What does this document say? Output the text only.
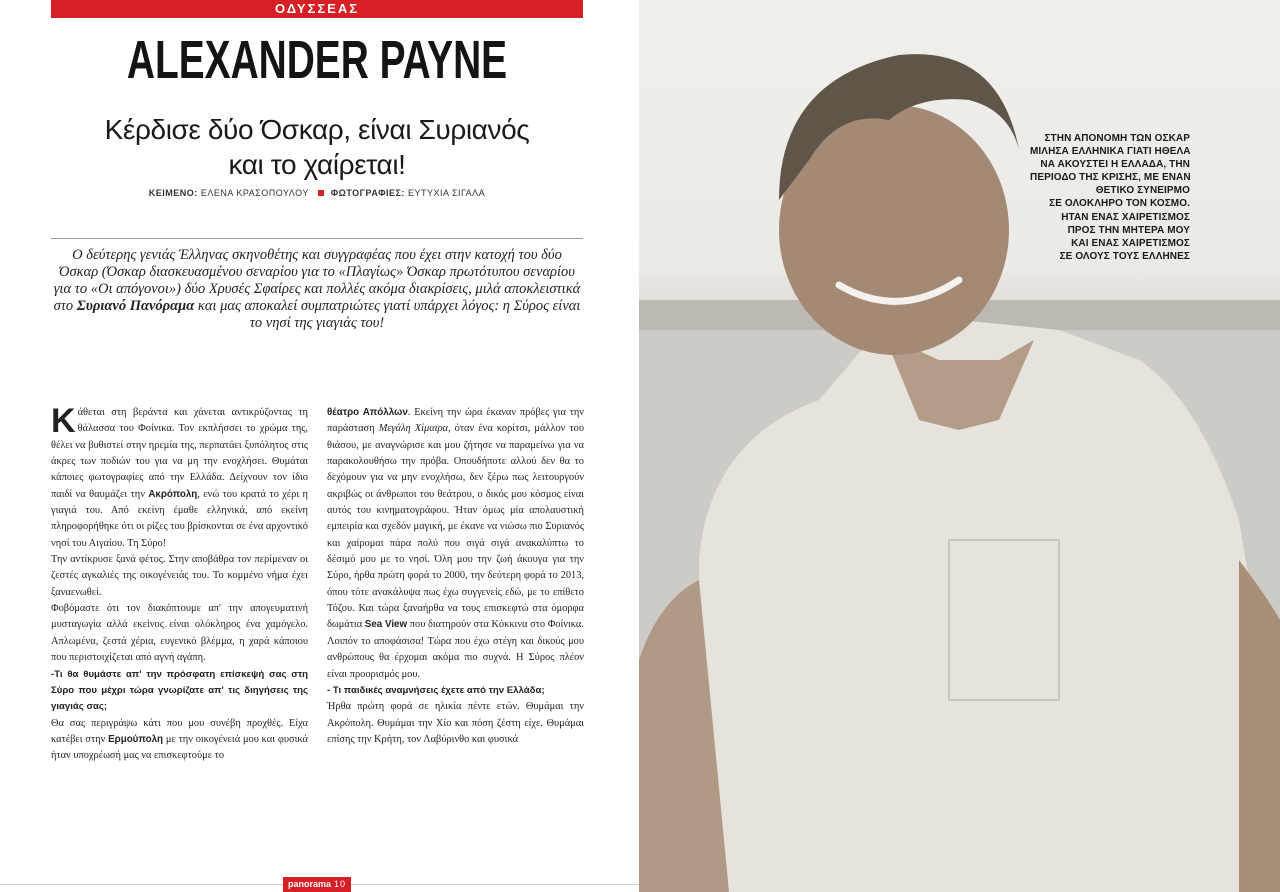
ΟΔΥΣΣΕΑΣ
ALEXANDER PAYNE
Κέρδισε δύο Όσκαρ, είναι Συριανός
και το χαίρεται!
ΚΕΙΜΕΝΟ: ΕΛΕΝΑ ΚΡΑΣΟΠΟΥΛΟΥ ΦΩΤΟΓΡΑΦΙΕΣ: ΕΥΤΥΧΙΑ ΣΙΓΑΛΑ
Ο δεύτερης γενιάς Έλληνας σκηνοθέτης και συγγραφέας που έχει στην κατοχή του δύο Όσκαρ (Όσκαρ διασκευασμένου σεναρίου για το «Πλαγίως» Όσκαρ πρωτότυπου σεναρίου για το «Οι απόγονοι») δύο Χρυσές Σφαίρες και πολλές ακόμα διακρίσεις, μιλά αποκλειστικά στο Συριανό Πανόραμα και μας αποκαλεί συμπατριώτες γιατί υπάρχει λόγος: η Σύρος είναι το νησί της γιαγιάς του!

Κάθεται στη βεράντα και χάνεται αντικρύζοντας τη θάλασσα του Φοίνικα. Τον εκπλήσσει το χρώμα της, θέλει να βυθιστεί στην ηρεμία της, περπατάει ξυπόλητος στις άκρες των ποδιών του για να μη την ενοχλήσει. Θυμάται κάποιες φωτογραφίες από την Ελλάδα. Δείχνουν τον ίδιο παιδί να θαυμάζει την Ακρόπολη, ενώ του κρατά το χέρι η γιαγιά του. Από εκείνη έμαθε ελληνικά, από εκείνη πληροφορήθηκε ότι οι ρίζες του βρίσκονται σε ένα αρχοντικό νησί του Αιγαίου. Τη Σύρο!

Την αντίκρυσε ξανά φέτος. Στην αποβάθρα τον περίμεναν οι ζεστές αγκαλιές της οικογένειάς του. Το κομμένο νήμα έχει ξαναενωθεί.

Φοβόμαστε ότι τον διακόπτουμε απ' την απογευματινή μυσταγωγία αλλά εκείνος είναι ολόκληρος ένα χαμόγελο. Απλωμένα, ζεστά χέρια, ευγενικό βλέμμα, η χαρά κάποιου που περιστοιχίζεται από αγνή αγάπη.

-Τι θα θυμάστε απ' την πρόσφατη επίσκεψή σας στη Σύρο που μέχρι τώρα γνωρίζατε απ' τις διηγήσεις της γιαγιάς σας;

Θα σας περιγράψω κάτι που μου συνέβη προχθές. Είχα κατέβει στην Ερμούπολη με την οικογένειά μου και φυσικά ήταν υποχρέωσή μας να επισκεφτούμε το

θέατρο Απόλλων. Εκείνη την ώρα έκαναν πρόβες για την παράσταση Μεγάλη Χίμαιρα, όταν ένα κορίτσι, μάλλον του θιάσου, με αναγνώρισε και μου ζήτησε να παραμείνω για να παρακολουθήσω την πρόβα. Οπουδήποτε αλλού δεν θα το δεχόμουν για να μην ενοχλήσω, δεν ξέρω πως λειτουργούν ακριβώς οι άνθρωποι του θεάτρου, ο δικός μου κόσμος είναι αυτός του κινηματογράφου. Ήταν όμως μία απολαυστική εμπειρία και σχεδόν μαγική, με έκανε να νιώσω πιο Συριανός και χαίρομαι πάρα πολύ που σιγά σιγά ανακαλύπτω το δέσιμό μου με το νησί. Όλη μου την ζωή άκουγα για την Σύρο, ήρθα πρώτη φορά το 2000, την δεύτερη φορά το 2013, όπου τότε ανακάλυψα πως έχω συγγενείς εδώ, με το επίθετο Τόζου. Και τώρα ξαναήρθα να τους επισκεφτώ στα όμορφα δωμάτια Sea View που διατηρούν στα Κόκκινα στο Φοίνικα. Λοιπόν το αποφάσισα! Τώρα που έχω στέγη και δικούς μου ανθρώπους θα έρχομαι ακόμα πιο συχνά. Η Σύρος πλέον είναι προορισμός μου.

- Τι παιδικές αναμνήσεις έχετε από την Ελλάδα;

Ήρθα πρώτη φορά σε ηλικία πέντε ετών. Θυμάμαι την Ακρόπολη. Θυμάμαι την Χίο και πόση ζέστη είχε. Θυμάμαι επίσης την Κρήτη, τον Λαβύρινθο και φυσικά

panorama 10
ΣΤΗΝ ΑΠΟΝΟΜΗ ΤΩΝ ΟΣΚΑΡ
ΜΙΛΗΣΑ ΕΛΛΗΝΙΚΑ ΓΙΑΤΙ ΗΘΕΛΑ
ΝΑ ΑΚΟΥΣΤΕΙ Η ΕΛΛΑΔΑ, ΤΗΝ
ΠΕΡΙΟΔΟ ΤΗΣ ΚΡΙΣΗΣ, ΜΕ ΕΝΑΝ
ΘΕΤΙΚΟ ΣΥΝΕΙΡΜΟ
ΣΕ ΟΛΟΚΛΗΡΟ ΤΟΝ ΚΟΣΜΟ.
ΗΤΑΝ ΕΝΑΣ ΧΑΙΡΕΤΙΣΜΟΣ
ΠΡΟΣ ΤΗΝ ΜΗΤΕΡΑ ΜΟΥ
ΚΑΙ ΕΝΑΣ ΧΑΙΡΕΤΙΣΜΟΣ
ΣΕ ΟΛΟΥΣ ΤΟΥΣ ΕΛΛΗΝΕΣ
